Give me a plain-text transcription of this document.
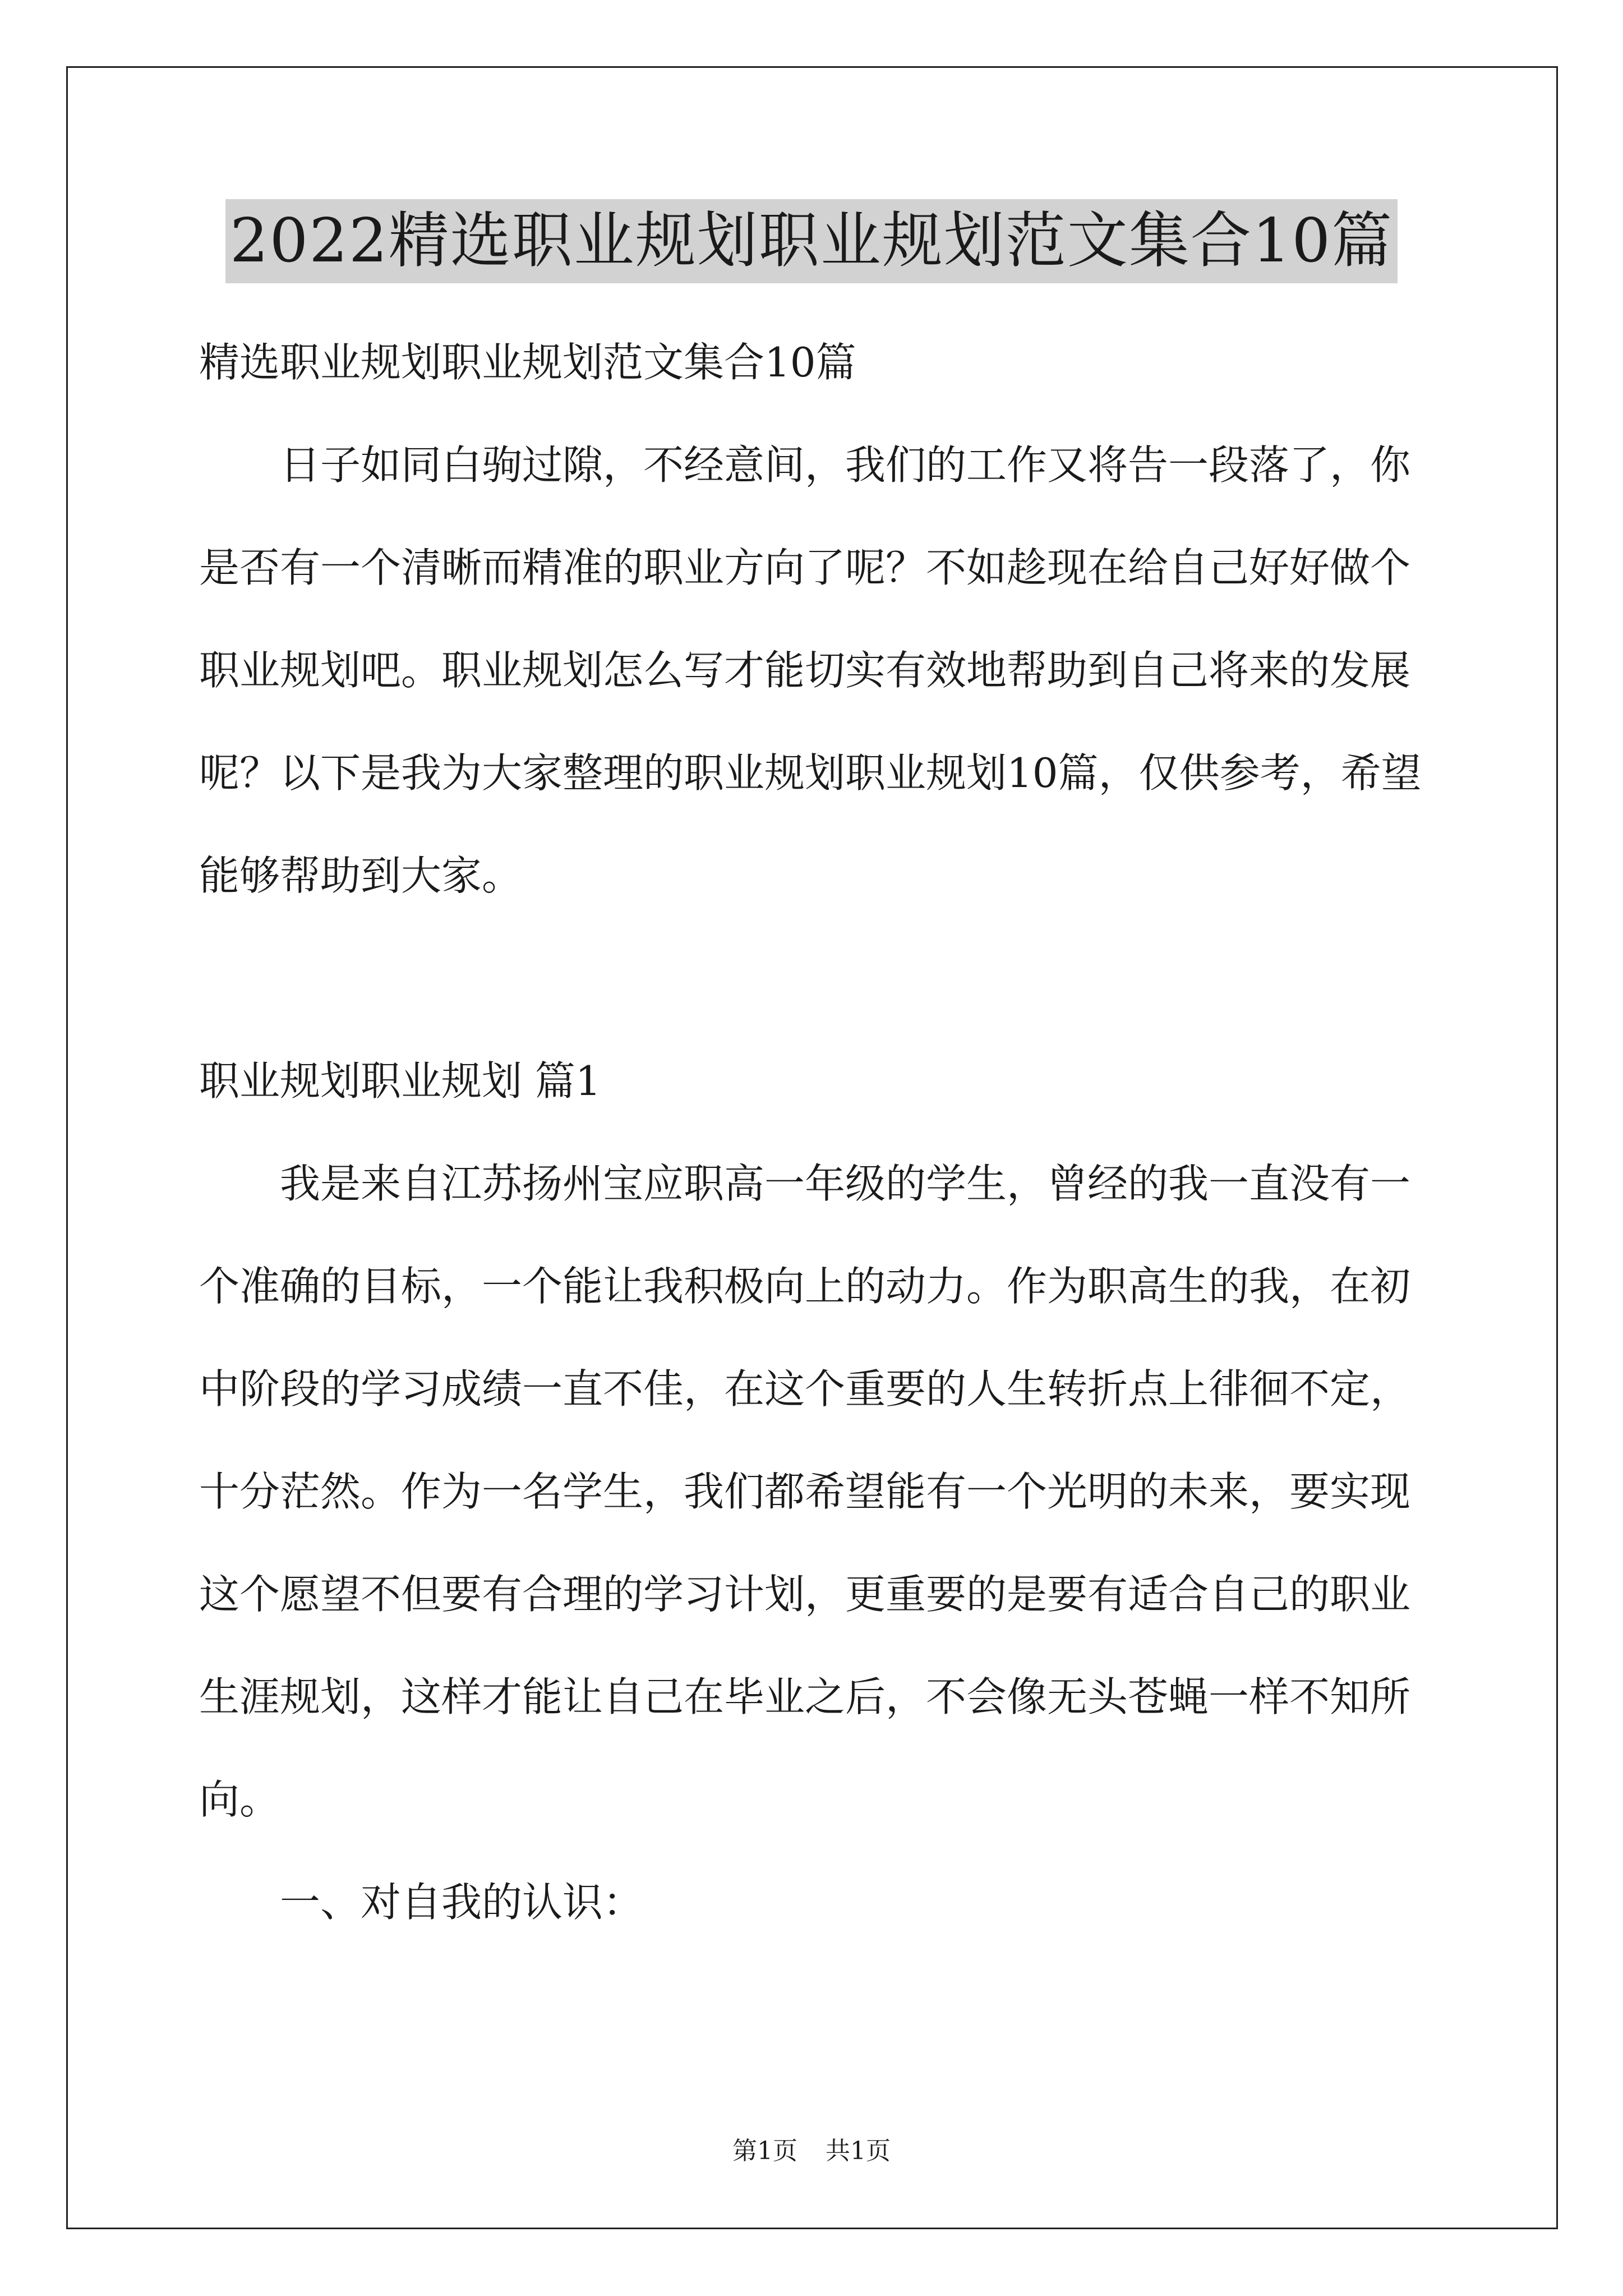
2022精选职业规划职业规划范文集合10篇

精选职业规划职业规划范文集合10篇

日子如同白驹过隙，不经意间，我们的工作又将告一段落了，你是否有一个清晰而精准的职业方向了呢？不如趁现在给自己好好做个职业规划吧。职业规划怎么写才能切实有效地帮助到自己将来的发展呢？以下是我为大家整理的职业规划职业规划10篇，仅供参考，希望能够帮助到大家。

职业规划职业规划 篇1

我是来自江苏扬州宝应职高一年级的学生，曾经的我一直没有一个准确的目标，一个能让我积极向上的动力。作为职高生的我，在初中阶段的学习成绩一直不佳，在这个重要的人生转折点上徘徊不定，十分茫然。作为一名学生，我们都希望能有一个光明的未来，要实现这个愿望不但要有合理的学习计划，更重要的是要有适合自己的职业生涯规划，这样才能让自己在毕业之后，不会像无头苍蝇一样不知所向。

一、对自我的认识：

第1页 共1页
